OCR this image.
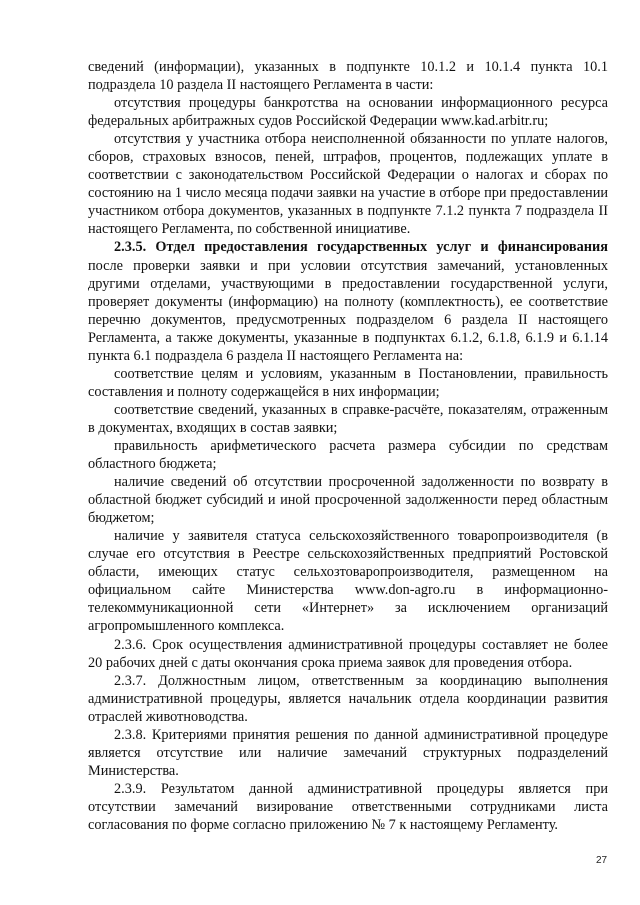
сведений (информации), указанных в подпункте 10.1.2 и 10.1.4 пункта 10.1 подраздела 10 раздела II настоящего Регламента в части:

отсутствия процедуры банкротства на основании информационного ресурса федеральных арбитражных судов Российской Федерации www.kad.arbitr.ru;

отсутствия у участника отбора неисполненной обязанности по уплате налогов, сборов, страховых взносов, пеней, штрафов, процентов, подлежащих уплате в соответствии с законодательством Российской Федерации о налогах и сборах по состоянию на 1 число месяца подачи заявки на участие в отборе при предоставлении участником отбора документов, указанных в подпункте 7.1.2 пункта 7 подраздела II настоящего Регламента, по собственной инициативе.

2.3.5. Отдел предоставления государственных услуг и финансирования после проверки заявки и при условии отсутствия замечаний, установленных другими отделами, участвующими в предоставлении государственной услуги, проверяет документы (информацию) на полноту (комплектность), ее соответствие перечню документов, предусмотренных подразделом 6 раздела II настоящего Регламента, а также документы, указанные в подпунктах 6.1.2, 6.1.8, 6.1.9 и 6.1.14 пункта 6.1 подраздела 6 раздела II настоящего Регламента на:

соответствие целям и условиям, указанным в Постановлении, правильность составления и полноту содержащейся в них информации;

соответствие сведений, указанных в справке-расчёте, показателям, отраженным в документах, входящих в состав заявки;

правильность арифметического расчета размера субсидии по средствам областного бюджета;

наличие сведений об отсутствии просроченной задолженности по возврату в областной бюджет субсидий и иной просроченной задолженности перед областным бюджетом;

наличие у заявителя статуса сельскохозяйственного товаропроизводителя (в случае его отсутствия в Реестре сельскохозяйственных предприятий Ростовской области, имеющих статус сельхозтоваропроизводителя, размещенном на официальном сайте Министерства www.don-agro.ru в информационно-телекоммуникационной сети «Интернет» за исключением организаций агропромышленного комплекса.

2.3.6. Срок осуществления административной процедуры составляет не более 20 рабочих дней с даты окончания срока приема заявок для проведения отбора.

2.3.7. Должностным лицом, ответственным за координацию выполнения административной процедуры, является начальник отдела координации развития отраслей животноводства.

2.3.8. Критериями принятия решения по данной административной процедуре является отсутствие или наличие замечаний структурных подразделений Министерства.

2.3.9. Результатом данной административной процедуры является при отсутствии замечаний визирование ответственными сотрудниками листа согласования по форме согласно приложению № 7 к настоящему Регламенту.

27
